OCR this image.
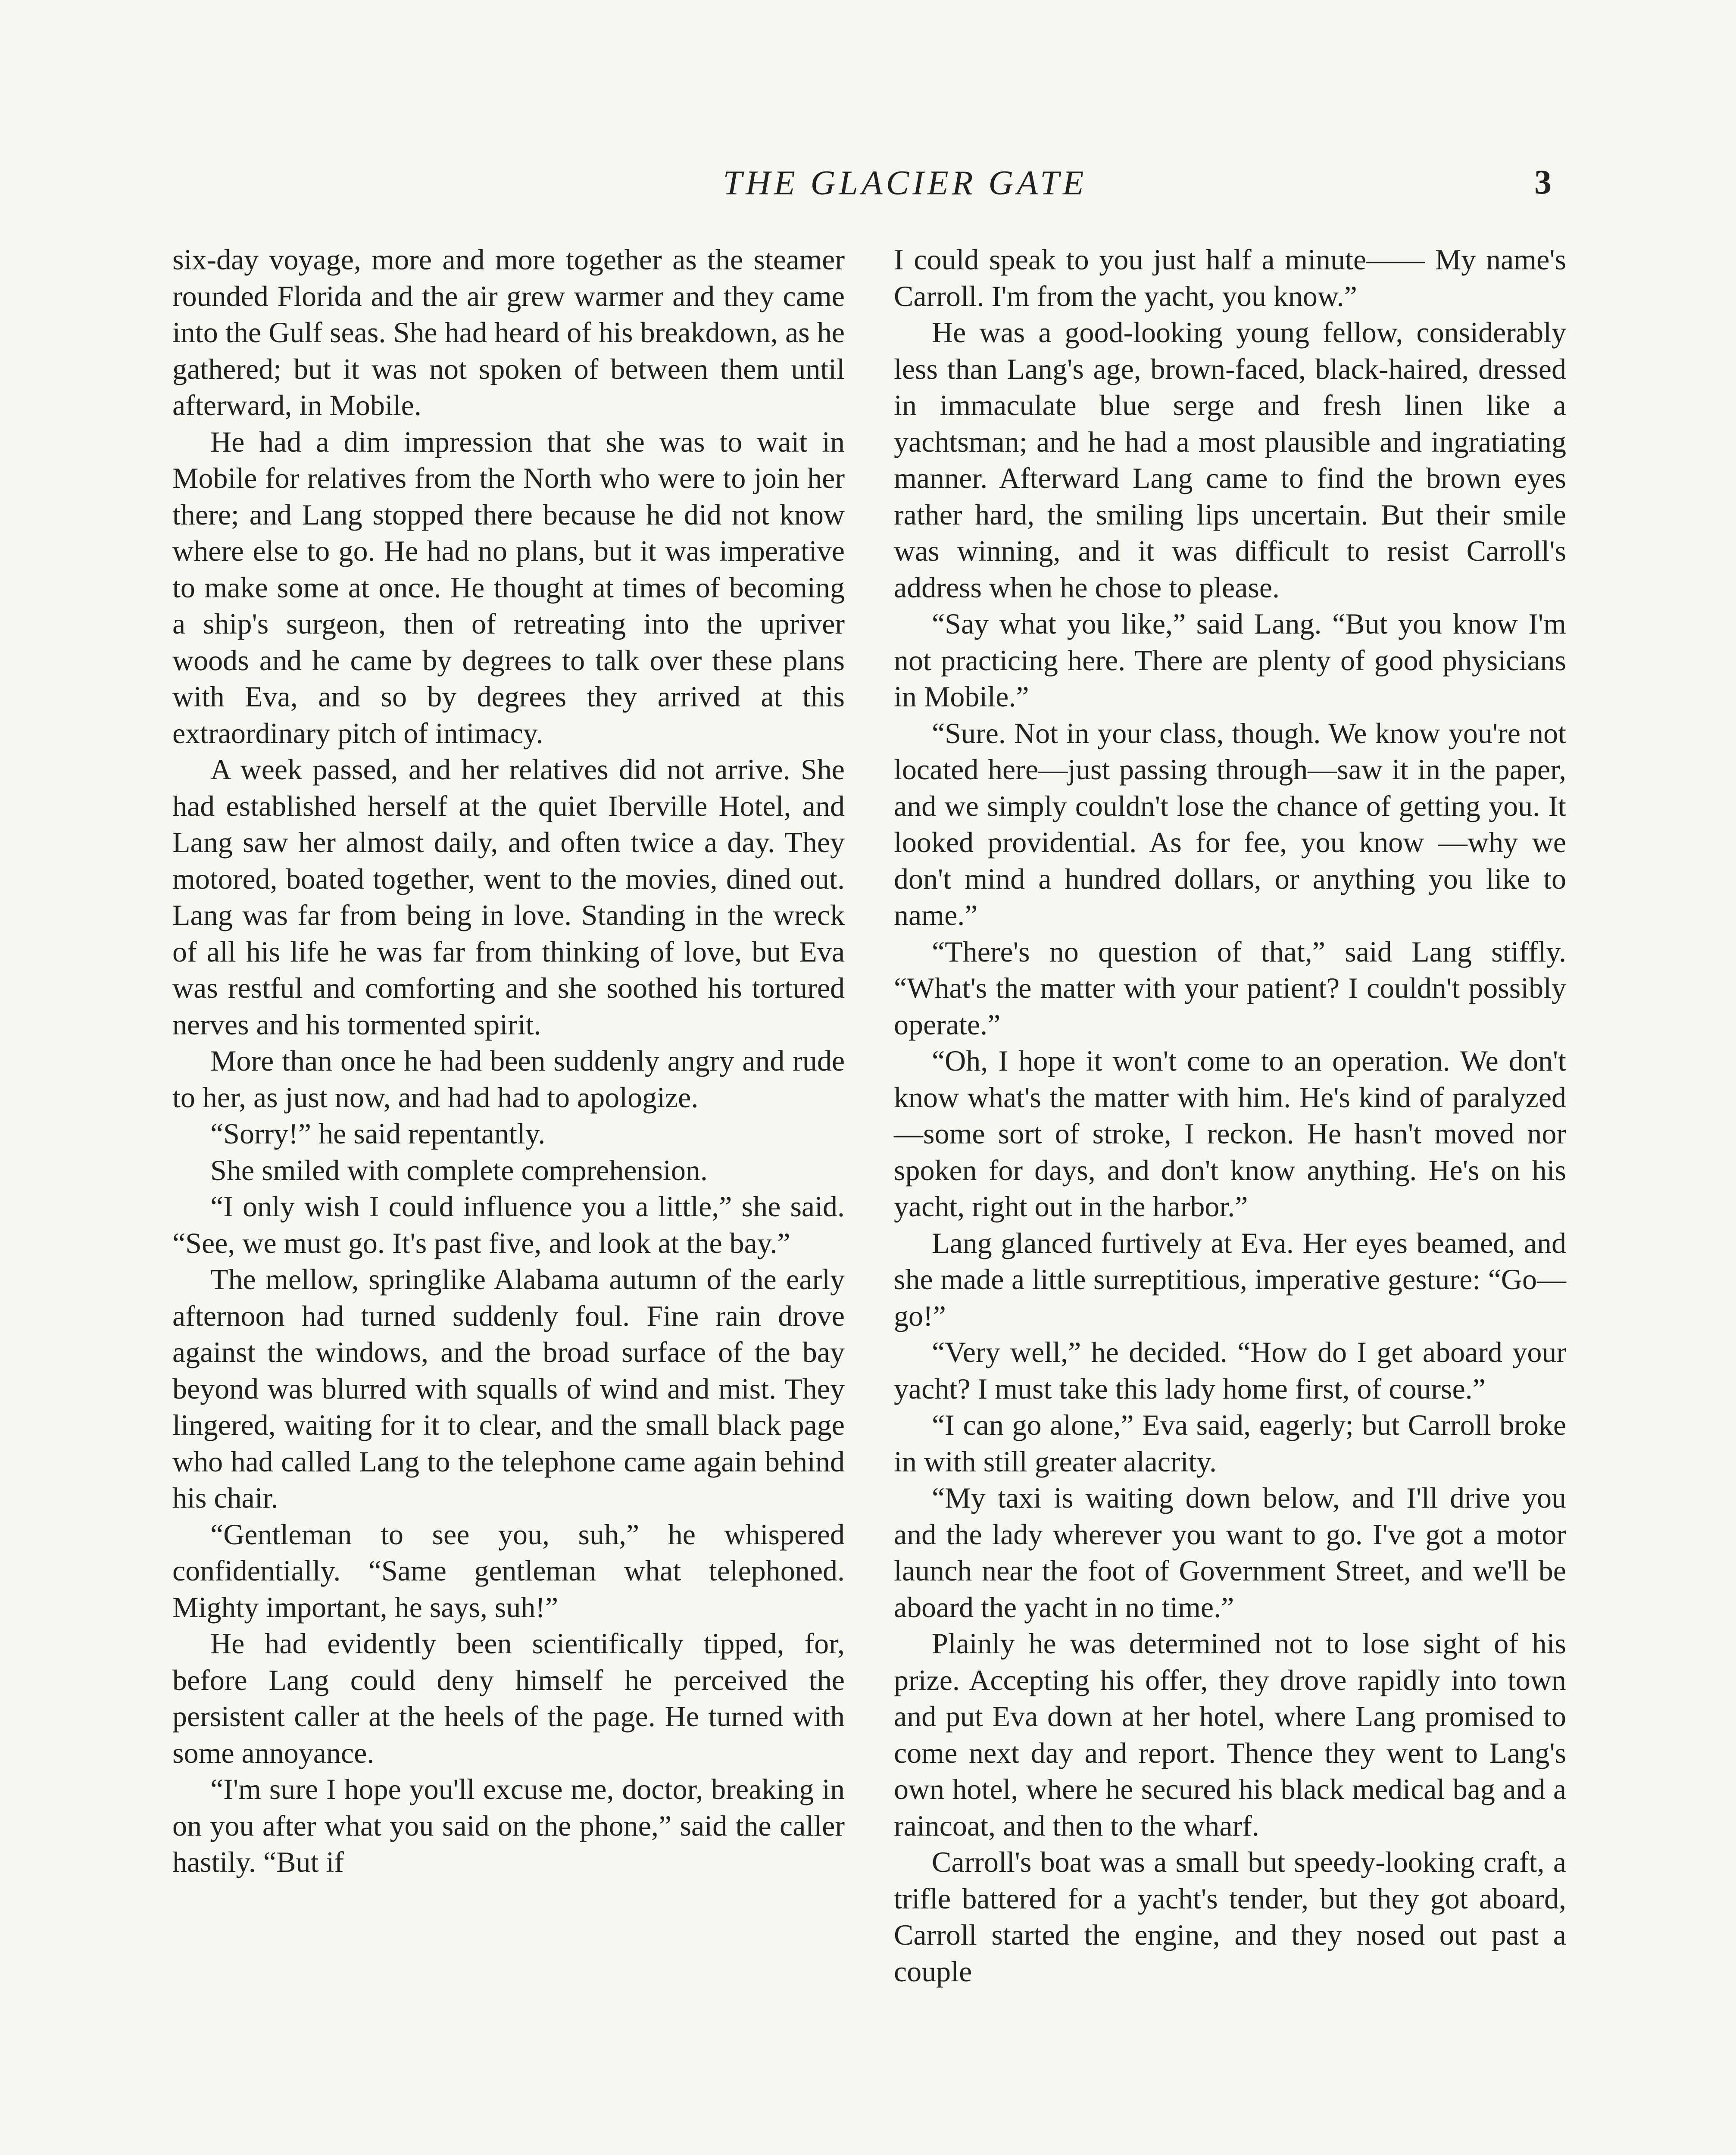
THE GLACIER GATE	3

six-day voyage, more and more together as the steamer rounded Florida and the air grew warmer and they came into the Gulf seas. She had heard of his breakdown, as he gathered; but it was not spoken of between them until afterward, in Mobile.

He had a dim impression that she was to wait in Mobile for relatives from the North who were to join her there; and Lang stopped there because he did not know where else to go. He had no plans, but it was imperative to make some at once. He thought at times of becoming a ship's surgeon, then of retreating into the upriver woods and he came by degrees to talk over these plans with Eva, and so by degrees they arrived at this extraordinary pitch of intimacy.

A week passed, and her relatives did not arrive. She had established herself at the quiet Iberville Hotel, and Lang saw her almost daily, and often twice a day. They motored, boated together, went to the movies, dined out. Lang was far from being in love. Standing in the wreck of all his life he was far from thinking of love, but Eva was restful and comforting and she soothed his tortured nerves and his tormented spirit.

More than once he had been suddenly angry and rude to her, as just now, and had had to apologize.

“Sorry!” he said repentantly.

She smiled with complete comprehension.

“I only wish I could influence you a little,” she said. “See, we must go. It's past five, and look at the bay.”

The mellow, springlike Alabama autumn of the early afternoon had turned suddenly foul. Fine rain drove against the windows, and the broad surface of the bay beyond was blurred with squalls of wind and mist. They lingered, waiting for it to clear, and the small black page who had called Lang to the telephone came again behind his chair.

“Gentleman to see you, suh,” he whispered confidentially. “Same gentleman what telephoned. Mighty important, he says, suh!”

He had evidently been scientifically tipped, for, before Lang could deny himself he perceived the persistent caller at the heels of the page. He turned with some annoyance.

“I'm sure I hope you'll excuse me, doctor, breaking in on you after what you said on the phone,” said the caller hastily. “But if

I could speak to you just half a minute—— My name's Carroll. I'm from the yacht, you know.”

He was a good-looking young fellow, considerably less than Lang's age, brown-faced, black-haired, dressed in immaculate blue serge and fresh linen like a yachtsman; and he had a most plausible and ingratiating manner. Afterward Lang came to find the brown eyes rather hard, the smiling lips uncertain. But their smile was winning, and it was difficult to resist Carroll's address when he chose to please.

“Say what you like,” said Lang. “But you know I'm not practicing here. There are plenty of good physicians in Mobile.”

“Sure. Not in your class, though. We know you're not located here—just passing through—saw it in the paper, and we simply couldn't lose the chance of getting you. It looked providential. As for fee, you know —why we don't mind a hundred dollars, or anything you like to name.”

“There's no question of that,” said Lang stiffly. “What's the matter with your patient? I couldn't possibly operate.”

“Oh, I hope it won't come to an operation. We don't know what's the matter with him. He's kind of paralyzed—some sort of stroke, I reckon. He hasn't moved nor spoken for days, and don't know anything. He's on his yacht, right out in the harbor.”

Lang glanced furtively at Eva. Her eyes beamed, and she made a little surreptitious, imperative gesture: “Go—go!”

“Very well,” he decided. “How do I get aboard your yacht? I must take this lady home first, of course.”

“I can go alone,” Eva said, eagerly; but Carroll broke in with still greater alacrity.

“My taxi is waiting down below, and I'll drive you and the lady wherever you want to go. I've got a motor launch near the foot of Government Street, and we'll be aboard the yacht in no time.”

Plainly he was determined not to lose sight of his prize. Accepting his offer, they drove rapidly into town and put Eva down at her hotel, where Lang promised to come next day and report. Thence they went to Lang's own hotel, where he secured his black medical bag and a raincoat, and then to the wharf.

Carroll's boat was a small but speedy-looking craft, a trifle battered for a yacht's tender, but they got aboard, Carroll started the engine, and they nosed out past a couple
